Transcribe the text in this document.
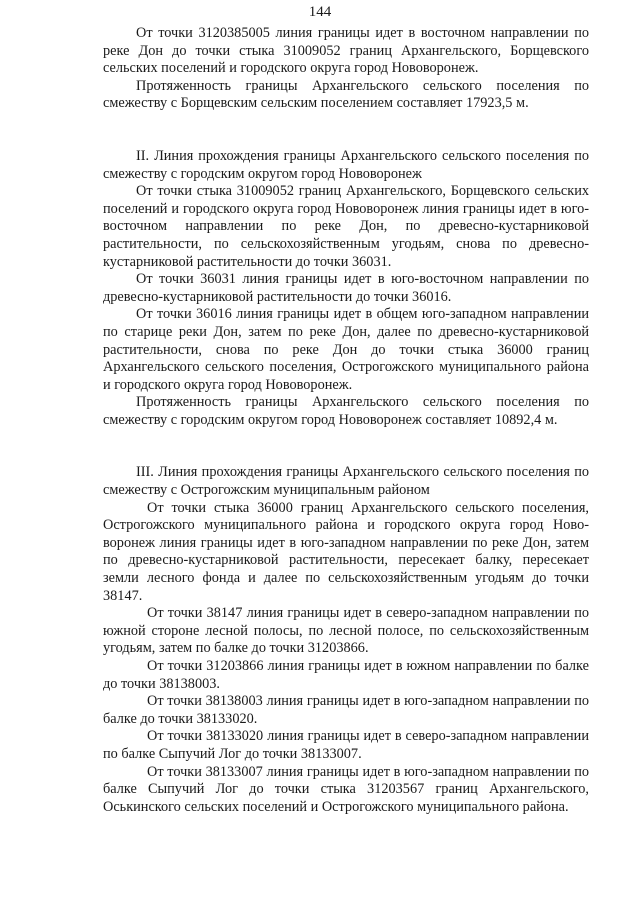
144

От точки 3120385005 линия границы идет в восточном направлении по реке Дон до точки стыка 31009052 границ Архангельского, Борщевского сельских поселений и городского округа город Нововоронеж.

Протяженность границы Архангельского сельского поселения по смежеству с Борщевским сельским поселением составляет 17923,5 м.

II. Линия прохождения границы Архангельского сельского поселения по смежеству с городским округом город Нововоронеж

От точки стыка 31009052 границ Архангельского, Борщевского сельских поселений и городского округа город Нововоронеж линия границы идет в юго-восточном направлении по реке Дон, по древесно-кустарниковой растительности, по сельскохозяйственным угодьям, снова по древесно-кустарниковой растительности до точки 36031.

От точки 36031 линия границы идет в юго-восточном направлении по древесно-кустарниковой растительности до точки 36016.

От точки 36016 линия границы идет в общем юго-западном направлении по старице реки Дон, затем по реке Дон, далее по древесно-кустарниковой растительности, снова по реке Дон до точки стыка 36000 границ Архангельского сельского поселения, Острогожского муниципального района и городского округа город Нововоронеж.

Протяженность границы Архангельского сельского поселения по смежеству с городским округом город Нововоронеж составляет 10892,4 м.

III. Линия прохождения границы Архангельского сельского поселения по смежеству с Острогожским муниципальным районом

От точки стыка 36000 границ Архангельского сельского поселения, Острогожского муниципального района и городского округа город Нововоронеж линия границы идет в юго-западном направлении по реке Дон, затем по древесно-кустарниковой растительности, пересекает балку, пересекает земли лесного фонда и далее по сельскохозяйственным угодьям до точки 38147.

От точки 38147 линия границы идет в северо-западном направлении по южной стороне лесной полосы, по лесной полосе, по сельскохозяйственным угодьям, затем по балке до точки 31203866.

От точки 31203866 линия границы идет в южном направлении по балке до точки 38138003.

От точки 38138003 линия границы идет в юго-западном направлении по балке до точки 38133020.

От точки 38133020 линия границы идет в северо-западном направлении по балке Сыпучий Лог до точки 38133007.

От точки 38133007 линия границы идет в юго-западном направлении по балке Сыпучий Лог до точки стыка 31203567 границ Архангельского, Оськинского сельских поселений и Острогожского муниципального района.
